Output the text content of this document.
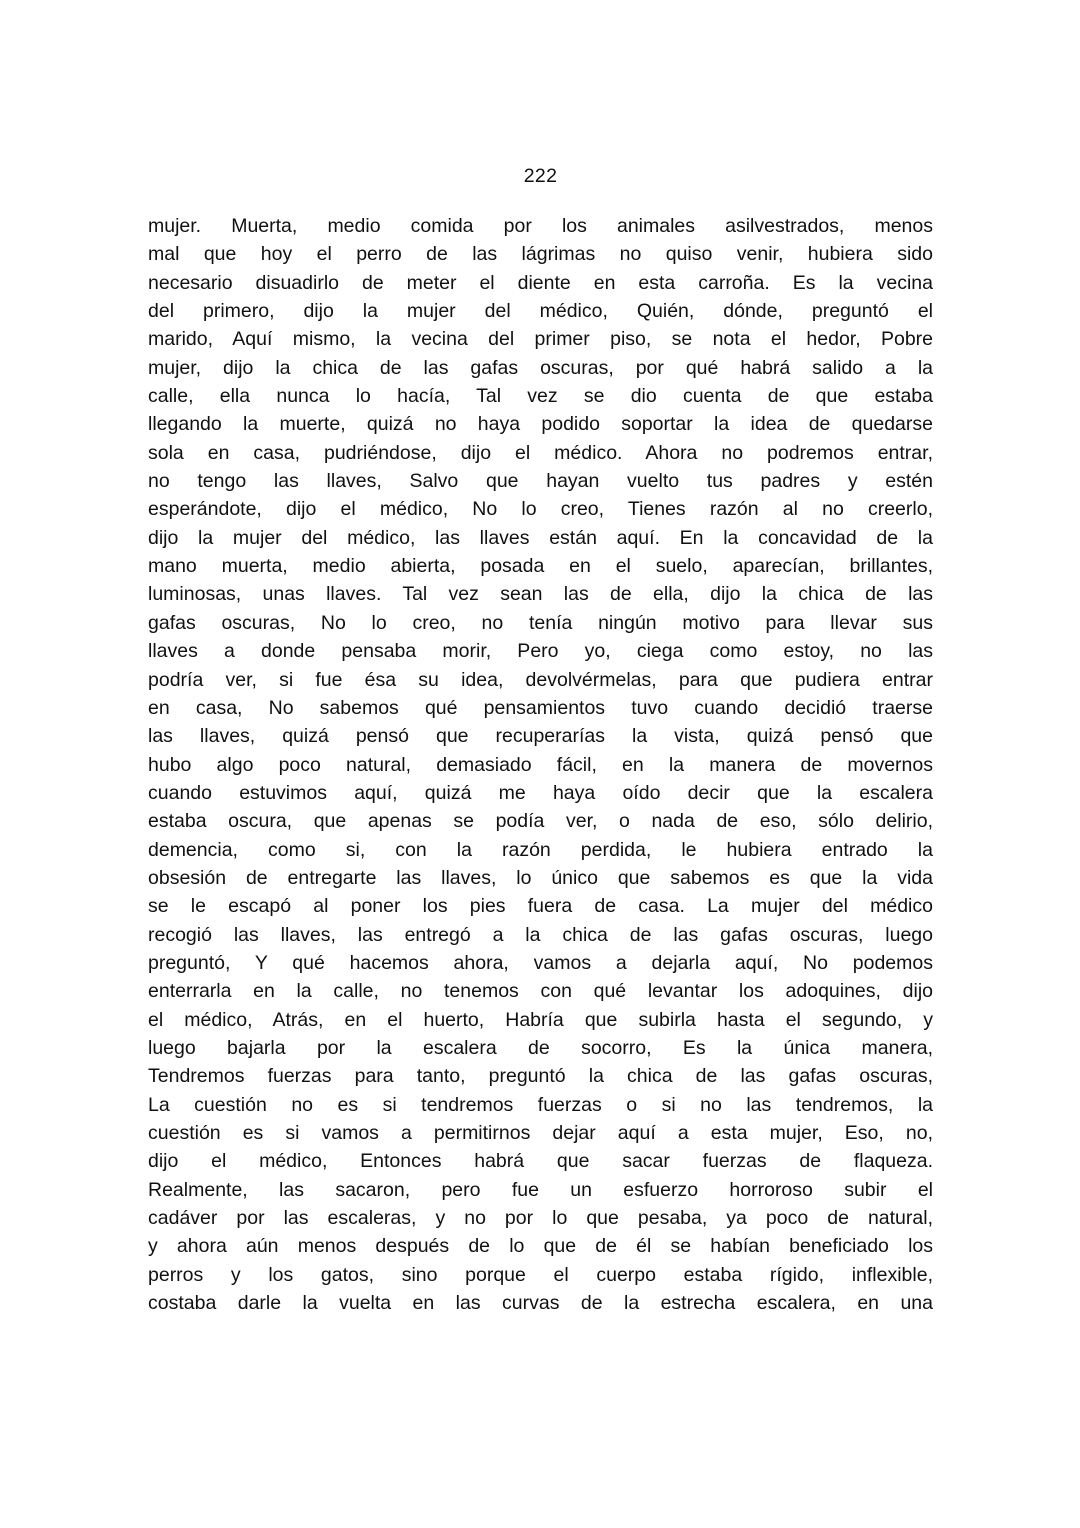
222
mujer. Muerta, medio comida por los animales asilvestrados, menos
mal que hoy el perro de las lágrimas no quiso venir, hubiera sido
necesario disuadirlo de meter el diente en esta carroña. Es la vecina
del primero, dijo la mujer del médico, Quién, dónde, preguntó el
marido, Aquí mismo, la vecina del primer piso, se nota el hedor, Pobre
mujer, dijo la chica de las gafas oscuras, por qué habrá salido a la
calle, ella nunca lo hacía, Tal vez se dio cuenta de que estaba
llegando la muerte, quizá no haya podido soportar la idea de quedarse
sola en casa, pudriéndose, dijo el médico. Ahora no podremos entrar,
no tengo las llaves, Salvo que hayan vuelto tus padres y estén
esperándote, dijo el médico, No lo creo, Tienes razón al no creerlo,
dijo la mujer del médico, las llaves están aquí. En la concavidad de la
mano muerta, medio abierta, posada en el suelo, aparecían, brillantes,
luminosas, unas llaves. Tal vez sean las de ella, dijo la chica de las
gafas oscuras, No lo creo, no tenía ningún motivo para llevar sus
llaves a donde pensaba morir, Pero yo, ciega como estoy, no las
podría ver, si fue ésa su idea, devolvérmelas, para que pudiera entrar
en casa, No sabemos qué pensamientos tuvo cuando decidió traerse
las llaves, quizá pensó que recuperarías la vista, quizá pensó que
hubo algo poco natural, demasiado fácil, en la manera de movernos
cuando estuvimos aquí, quizá me haya oído decir que la escalera
estaba oscura, que apenas se podía ver, o nada de eso, sólo delirio,
demencia, como si, con la razón perdida, le hubiera entrado la
obsesión de entregarte las llaves, lo único que sabemos es que la vida
se le escapó al poner los pies fuera de casa. La mujer del médico
recogió las llaves, las entregó a la chica de las gafas oscuras, luego
preguntó, Y qué hacemos ahora, vamos a dejarla aquí, No podemos
enterrarla en la calle, no tenemos con qué levantar los adoquines, dijo
el médico, Atrás, en el huerto, Habría que subirla hasta el segundo, y
luego bajarla por la escalera de socorro, Es la única manera,
Tendremos fuerzas para tanto, preguntó la chica de las gafas oscuras,
La cuestión no es si tendremos fuerzas o si no las tendremos, la
cuestión es si vamos a permitirnos dejar aquí a esta mujer, Eso, no,
dijo el médico, Entonces habrá que sacar fuerzas de flaqueza.
Realmente, las sacaron, pero fue un esfuerzo horroroso subir el
cadáver por las escaleras, y no por lo que pesaba, ya poco de natural,
y ahora aún menos después de lo que de él se habían beneficiado los
perros y los gatos, sino porque el cuerpo estaba rígido, inflexible,
costaba darle la vuelta en las curvas de la estrecha escalera, en una
